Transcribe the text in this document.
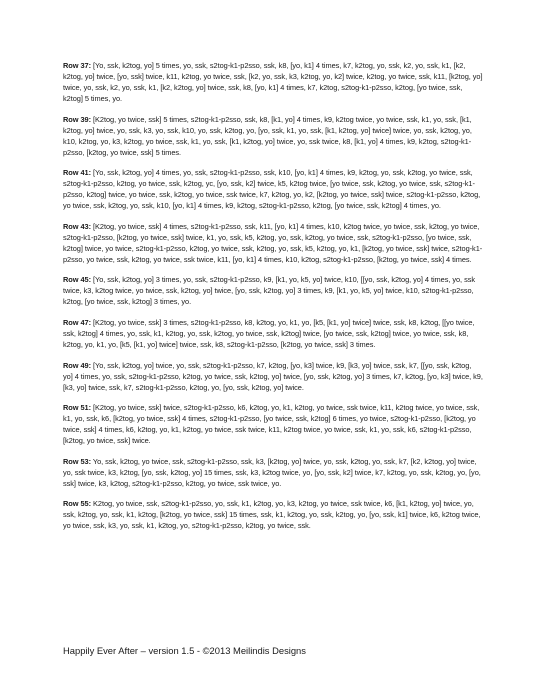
Row 37: [Yo, ssk, k2tog, yo] 5 times, yo, ssk, s2tog-k1-p2sso, ssk, k8, [yo, k1] 4 times, k7, k2tog, yo, ssk, k2, yo, ssk, k1, [k2, k2tog, yo] twice, [yo, ssk] twice, k11, k2tog, yo twice, ssk, [k2, yo, ssk, k3, k2tog, yo, k2] twice, k2tog, yo twice, ssk, k11, [k2tog, yo] twice, yo, ssk, k2, yo, ssk, k1, [k2, k2tog, yo] twice, ssk, k8, [yo, k1] 4 times, k7, k2tog, s2tog-k1-p2sso, k2tog, [yo twice, ssk, k2tog] 5 times, yo.

Row 39: [K2tog, yo twice, ssk] 5 times, s2tog-k1-p2sso, ssk, k8, [k1, yo] 4 times, k9, k2tog twice, yo twice, ssk, k1, yo, ssk, [k1, k2tog, yo] twice, yo, ssk, k3, yo, ssk, k10, yo, ssk, k2tog, yo, [yo, ssk, k1, yo, ssk, [k1, k2tog, yo] twice] twice, yo, ssk, k2tog, yo, k10, k2tog, yo, k3, k2tog, yo twice, ssk, k1, yo, ssk, [k1, k2tog, yo] twice, yo, ssk twice, k8, [k1, yo] 4 times, k9, k2tog, s2tog-k1-p2sso, [k2tog, yo twice, ssk] 5 times.

Row 41: [Yo, ssk, k2tog, yo] 4 times, yo, ssk, s2tog-k1-p2sso, ssk, k10, [yo, k1] 4 times, k9, k2tog, yo, ssk, k2tog, yo twice, ssk, s2tog-k1-p2sso, k2tog, yo twice, ssk, k2tog, yc, [yo, ssk, k2] twice, k5, k2tog twice, [yo twice, ssk, k2tog, yo twice, ssk, s2tog-k1-p2sso, k2tog] twice, yo twice, ssk, k2tog, yo twice, ssk twice, k7, k2tog, yo, k2, [k2tog, yo twice, ssk] twice, s2tog-k1-p2sso, k2tog, yo twice, ssk, k2tog, yo, ssk, k10, [yo, k1] 4 times, k9, k2tog, s2tog-k1-p2sso, k2tog, [yo twice, ssk, k2tog] 4 times, yo.

Row 43: [K2tog, yo twice, ssk] 4 times, s2tog-k1-p2sso, ssk, k11, [yo, k1] 4 times, k10, k2tog twice, yo twice, ssk, k2tog, yo twice, s2tog-k1-p2sso, [k2tog, yo twice, ssk] twice, k1, yo, ssk, k5, k2tog, yo, ssk, k2tog, yo twice, ssk, s2tog-k1-p2sso, [yo twice, ssk, k2tog] twice, yo twice, s2tog-k1-p2sso, k2tog, yo twice, ssk, k2tog, yo, ssk, k5, k2tog, yo, k1, [k2tog, yo twice, ssk] twice, s2tog-k1-p2sso, yo twice, ssk, k2tog, yo twice, ssk twice, k11, [yo, k1] 4 times, k10, k2tog, s2tog-k1-p2sso, [k2tog, yo twice, ssk] 4 times.

Row 45: [Yo, ssk, k2tog, yo] 3 times, yo, ssk, s2tog-k1-p2sso, k9, [k1, yo, k5, yo] twice, k10, [[yo, ssk, k2tog, yo] 4 times, yo, ssk twice, k3, k2tog twice, yo twice, ssk, k2tog, yo] twice, [yo, ssk, k2tog, yo] 3 times, k9, [k1, yo, k5, yo] twice, k10, s2tog-k1-p2sso, k2tog, [yo twice, ssk, k2tog] 3 times, yo.

Row 47: [K2tog, yo twice, ssk] 3 times, s2tog-k1-p2sso, k8, k2tog, yo, k1, yo, [k5, [k1, yo] twice] twice, ssk, k8, k2tog, [[yo twice, ssk, k2tog] 4 times, yo, ssk, k1, k2tog, yo, ssk, k2tog, yo twice, ssk, k2tog] twice, [yo twice, ssk, k2tog] twice, yo twice, ssk, k8, k2tog, yo, k1, yo, [k5, [k1, yo] twice] twice, ssk, k8, s2tog-k1-p2sso, [k2tog, yo twice, ssk] 3 times.

Row 49: [Yo, ssk, k2tog, yo] twice, yo, ssk, s2tog-k1-p2sso, k7, k2tog, [yo, k3] twice, k9, [k3, yo] twice, ssk, k7, [[yo, ssk, k2tog, yo] 4 times, yo, ssk, s2tog-k1-p2sso, k2tog, yo twice, ssk, k2tog, yo] twice, [yo, ssk, k2tog, yo] 3 times, k7, k2tog, [yo, k3] twice, k9, [k3, yo] twice, ssk, k7, s2tog-k1-p2sso, k2tog, yo, [yo, ssk, k2tog, yo] twice.

Row 51: [K2tog, yo twice, ssk] twice, s2tog-k1-p2sso, k6, k2tog, yo, k1, k2tog, yo twice, ssk twice, k11, k2tog twice, yo twice, ssk, k1, yo, ssk, k6, [k2tog, yo twice, ssk] 4 times, s2tog-k1-p2sso, [yo twice, ssk, k2tog] 6 times, yo twice, s2tog-k1-p2sso, [k2tog, yo twice, ssk] 4 times, k6, k2tog, yo, k1, k2tog, yo twice, ssk twice, k11, k2tog twice, yo twice, ssk, k1, yo, ssk, k6, s2tog-k1-p2sso, [k2tog, yo twice, ssk] twice.

Row 53: Yo, ssk, k2tog, yo twice, ssk, s2tog-k1-p2sso, ssk, k3, [k2tog, yo] twice, yo, ssk, k2tog, yo, ssk, k7, [k2, k2tog, yo] twice, yo, ssk twice, k3, k2tog, [yo, ssk, k2tog, yo] 15 times, ssk, k3, k2tog twice, yo, [yo, ssk, k2] twice, k7, k2tog, yo, ssk, k2tog, yo, [yo, ssk] twice, k3, k2tog, s2tog-k1-p2sso, k2tog, yo twice, ssk twice, yo.

Row 55: K2tog, yo twice, ssk, s2tog-k1-p2sso, yo, ssk, k1, k2tog, yo, k3, k2tog, yo twice, ssk twice, k6, [k1, k2tog, yo] twice, yo, ssk, k2tog, yo, ssk, k1, k2tog, [k2tog, yo twice, ssk] 15 times, ssk, k1, k2tog, yo, ssk, k2tog, yo, [yo, ssk, k1] twice, k6, k2tog twice, yo twice, ssk, k3, yo, ssk, k1, k2tog, yo, s2tog-k1-p2sso, k2tog, yo twice, ssk.

Happily Ever After – version 1.5 - ©2013 Meilindis Designs
